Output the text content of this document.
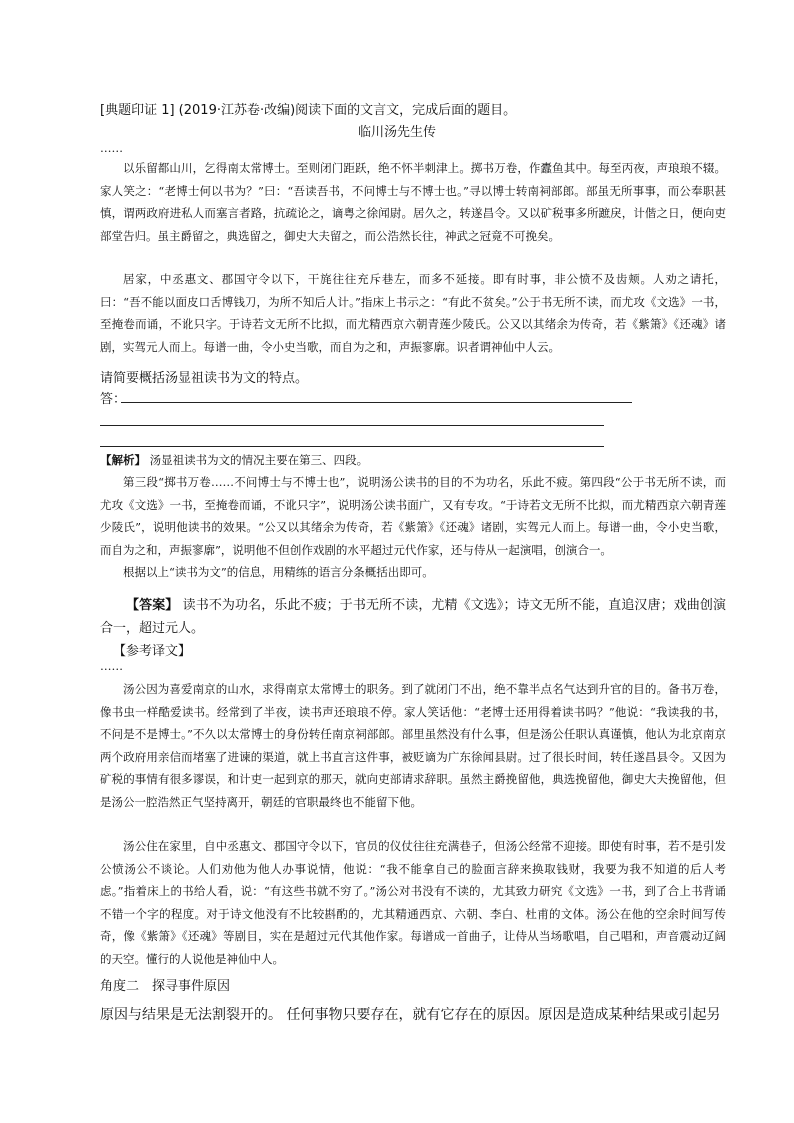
[典题印证 1] (2019·江苏卷·改编)阅读下面的文言文，完成后面的题目。
临川汤先生传
……

以乐留都山川，乞得南太常博士。至则闭门距跃，绝不怀半刺津上。掷书万卷，作蠹鱼其中。每至丙夜，声琅琅不辍。家人笑之：“老博士何以书为？”曰：“吾读吾书，不问博士与不博士也。”寻以博士转南祠部郎。部虽无所事事，而公奉职甚慎，谓两政府进私人而塞言者路，抗疏论之，谪粤之徐闻尉。居久之，转遂昌令。又以矿税事多所蹠戾，计偕之日，便向吏部堂告归。虽主爵留之，典选留之，御史大夫留之，而公浩然长往，神武之冠竟不可挽矣。

居家，中丞惠文、郡国守令以下，干旄往往充斥巷左，而多不延接。即有时事，非公愤不及齿颊。人劝之请托，曰：“吾不能以面皮口舌博钱刀，为所不知后人计。”指床上书示之：“有此不贫矣。”公于书无所不读，而尤攻《文选》一书，至掩卷而诵，不讹只字。于诗若文无所不比拟，而尤精西京六朝青莲少陵氏。公又以其绪余为传奇，若《紫箫》《还魂》诸剧，实驾元人而上。每谱一曲，令小史当歌，而自为之和，声振寥廓。识者谓神仙中人云。

请简要概括汤显祖读书为文的特点。
答：
【解析】 汤显祖读书为文的情况主要在第三、四段。

第三段“掷书万卷……不问博士与不博士也”，说明汤公读书的目的不为功名，乐此不疲。第四段“公于书无所不读，而尤攻《文选》一书，至掩卷而诵，不讹只字”，说明汤公读书面广，又有专攻。“于诗若文无所不比拟，而尤精西京六朝青莲少陵氏”，说明他读书的效果。“公又以其绪余为传奇，若《紫箫》《还魂》诸剧，实驾元人而上。每谱一曲，令小史当歌，而自为之和，声振寥廓”，说明他不但创作戏剧的水平超过元代作家，还与侍从一起演唱，创演合一。

根据以上“读书为文”的信息，用精练的语言分条概括出即可。

【答案】 读书不为功名，乐此不疲；于书无所不读，尤精《文选》；诗文无所不能，直追汉唐；戏曲创演合一，超过元人。

【参考译文】
……

汤公因为喜爱南京的山水，求得南京太常博士的职务。到了就闭门不出，绝不靠半点名气达到升官的目的。备书万卷，像书虫一样酷爱读书。经常到了半夜，读书声还琅琅不停。家人笑话他：“老博士还用得着读书吗？”他说：“我读我的书，不问是不是博士。”不久以太常博士的身份转任南京祠部郎。部里虽然没有什么事，但是汤公任职认真谨慎，他认为北京南京两个政府用亲信而堵塞了进谏的渠道，就上书直言这件事，被贬谪为广东徐闻县尉。过了很长时间，转任遂昌县令。又因为矿税的事情有很多谬误，和计吏一起到京的那天，就向吏部请求辞职。虽然主爵挽留他，典选挽留他，御史大夫挽留他，但是汤公一腔浩然正气坚持离开，朝廷的官职最终也不能留下他。

汤公住在家里，自中丞惠文、郡国守令以下，官员的仪仗往往充满巷子，但汤公经常不迎接。即使有时事，若不是引发公愤汤公不谈论。人们劝他为他人办事说情，他说：“我不能拿自己的脸面言辞来换取钱财，我要为我不知道的后人考虑。”指着床上的书给人看，说：“有这些书就不穷了。”汤公对书没有不读的，尤其致力研究《文选》一书，到了合上书背诵不错一个字的程度。对于诗文他没有不比较斟酌的，尤其精通西京、六朝、李白、杜甫的文体。汤公在他的空余时间写传奇，像《紫箫》《还魂》等剧目，实在是超过元代其他作家。每谱成一首曲子，让侍从当场歌唱，自己唱和，声音震动辽阔的天空。懂行的人说他是神仙中人。

角度二　探寻事件原因
原因与结果是无法割裂开的。 任何事物只要存在，就有它存在的原因。原因是造成某种结果或引起另
